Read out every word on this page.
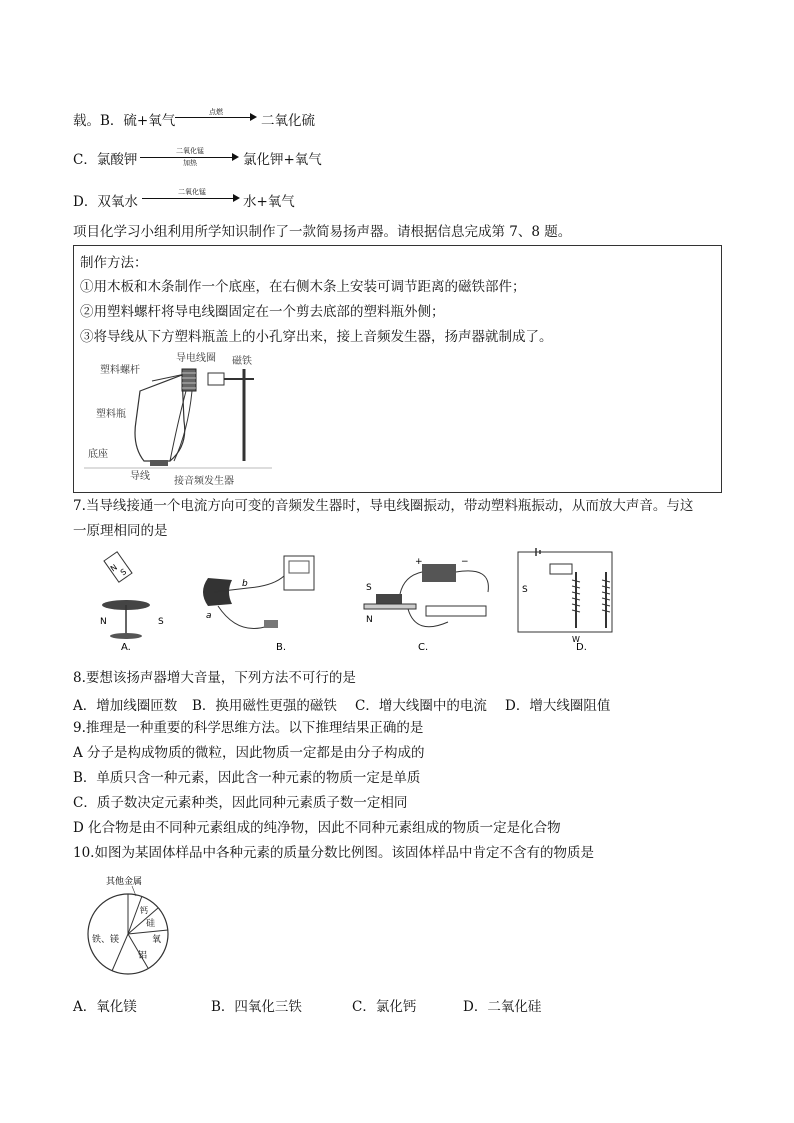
载。B．硫+氧气
点燃
二氧化硫
C．氯酸钾
二氧化锰
加热	氯化钾+氧气
D．双氧水
二氧化锰
水+氧气
项目化学习小组利用所学知识制作了一款简易扬声器。请根据信息完成第 7、8 题。
制作方法：
①用木板和木条制作一个底座，在右侧木条上安装可调节距离的磁铁部件；
②用塑料螺杆将导电线圈固定在一个剪去底部的塑料瓶外侧；
③将导线从下方塑料瓶盖上的小孔穿出来，接上音频发生器，扬声器就制成了。
塑料螺杆
导电线圈 磁铁
塑料瓶
底座
导线 接音频发生器
7.当导线接通一个电流方向可变的音频发生器时，导电线圈振动，带动塑料瓶振动，从而放大声音。与这
一原理相同的是
N S
N	S
A.
a
b
B.
S
N
+	−
C.
S
W
D.
8.要想该扬声器增大音量，下列方法不可行的是
A．增加线圈匝数 B．换用磁性更强的磁铁 C．增大线圈中的电流 D．增大线圈阻值
9.推理是一种重要的科学思维方法。以下推理结果正确的是
A 分子是构成物质的微粒，因此物质一定都是由分子构成的
B．单质只含一种元素，因此含一种元素的物质一定是单质
C．质子数决定元素种类，因此同种元素质子数一定相同
D 化合物是由不同种元素组成的纯净物，因此不同种元素组成的物质一定是化合物
10.如图为某固体样品中各种元素的质量分数比例图。该固体样品中肯定不含有的物质是
其他金属
铁、镁
硅
钙
氧
铝
A．氧化镁	B．四氧化三铁	C．氯化钙	D．二氧化硅
